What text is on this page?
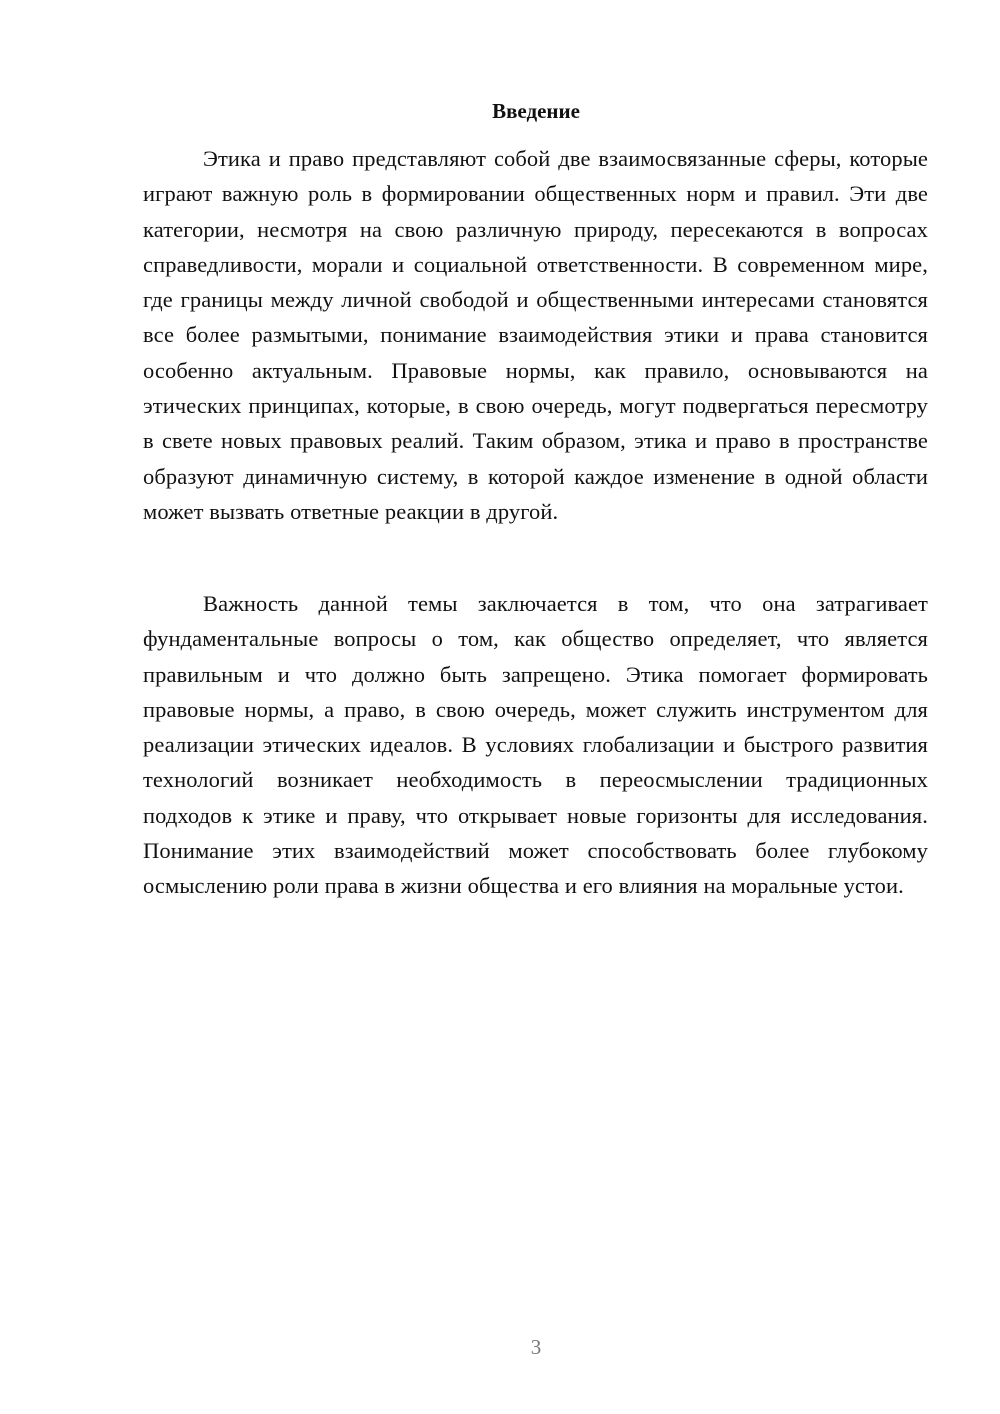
Введение

Этика и право представляют собой две взаимосвязанные сферы, которые играют важную роль в формировании общественных норм и правил. Эти две категории, несмотря на свою различную природу, пересекаются в вопросах справедливости, морали и социальной ответственности. В современном мире, где границы между личной свободой и общественными интересами становятся все более размытыми, понимание взаимодействия этики и права становится особенно актуальным. Правовые нормы, как правило, основываются на этических принципах, которые, в свою очередь, могут подвергаться пересмотру в свете новых правовых реалий. Таким образом, этика и право в пространстве образуют динамичную систему, в которой каждое изменение в одной области может вызвать ответные реакции в другой.

Важность данной темы заключается в том, что она затрагивает фундаментальные вопросы о том, как общество определяет, что является правильным и что должно быть запрещено. Этика помогает формировать правовые нормы, а право, в свою очередь, может служить инструментом для реализации этических идеалов. В условиях глобализации и быстрого развития технологий возникает необходимость в переосмыслении традиционных подходов к этике и праву, что открывает новые горизонты для исследования. Понимание этих взаимодействий может способствовать более глубокому осмыслению роли права в жизни общества и его влияния на моральные устои.

3
